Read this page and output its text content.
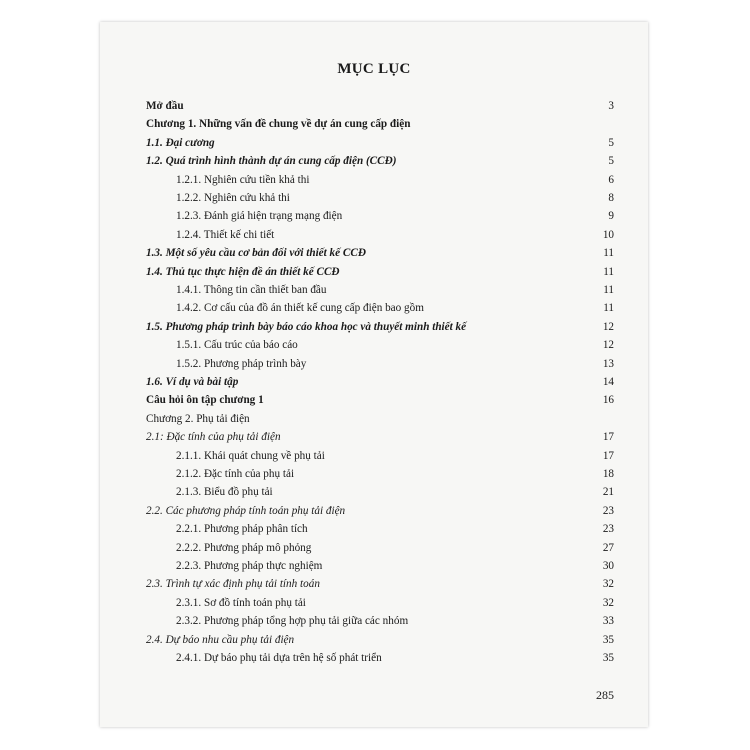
MỤC LỤC
Mở đầu	3
Chương 1. Những vấn đề chung về dự án cung cấp điện
1.1. Đại cương	5
1.2. Quá trình hình thành dự án cung cấp điện (CCĐ)	5
1.2.1. Nghiên cứu tiền khả thi	6
1.2.2. Nghiên cứu khả thi	8
1.2.3. Đánh giá hiện trạng mạng điện	9
1.2.4. Thiết kế chi tiết	10
1.3. Một số yêu cầu cơ bản đối với thiết kế CCĐ	11
1.4. Thủ tục thực hiện đề án thiết kế CCĐ	11
1.4.1. Thông tin cần thiết ban đầu	11
1.4.2. Cơ cấu của đồ án thiết kế cung cấp điện bao gồm	11
1.5. Phương pháp trình bày báo cáo khoa học và thuyết minh thiết kế	12
1.5.1. Cấu trúc của báo cáo	12
1.5.2. Phương pháp trình bày	13
1.6. Ví dụ và bài tập	14
Câu hỏi ôn tập chương 1	16
Chương 2. Phụ tải điện
2.1: Đặc tính của phụ tải điện	17
2.1.1. Khái quát chung về phụ tải	17
2.1.2. Đặc tính của phụ tải	18
2.1.3. Biểu đồ phụ tải	21
2.2. Các phương pháp tính toán phụ tải điện	23
2.2.1. Phương pháp phân tích	23
2.2.2. Phương pháp mô phỏng	27
2.2.3. Phương pháp thực nghiệm	30
2.3. Trình tự xác định phụ tải tính toán	32
2.3.1. Sơ đồ tính toán phụ tải	32
2.3.2. Phương pháp tổng hợp phụ tải giữa các nhóm	33
2.4. Dự báo nhu cầu phụ tải điện	35
2.4.1. Dự báo phụ tải dựa trên hệ số phát triển	35
285
